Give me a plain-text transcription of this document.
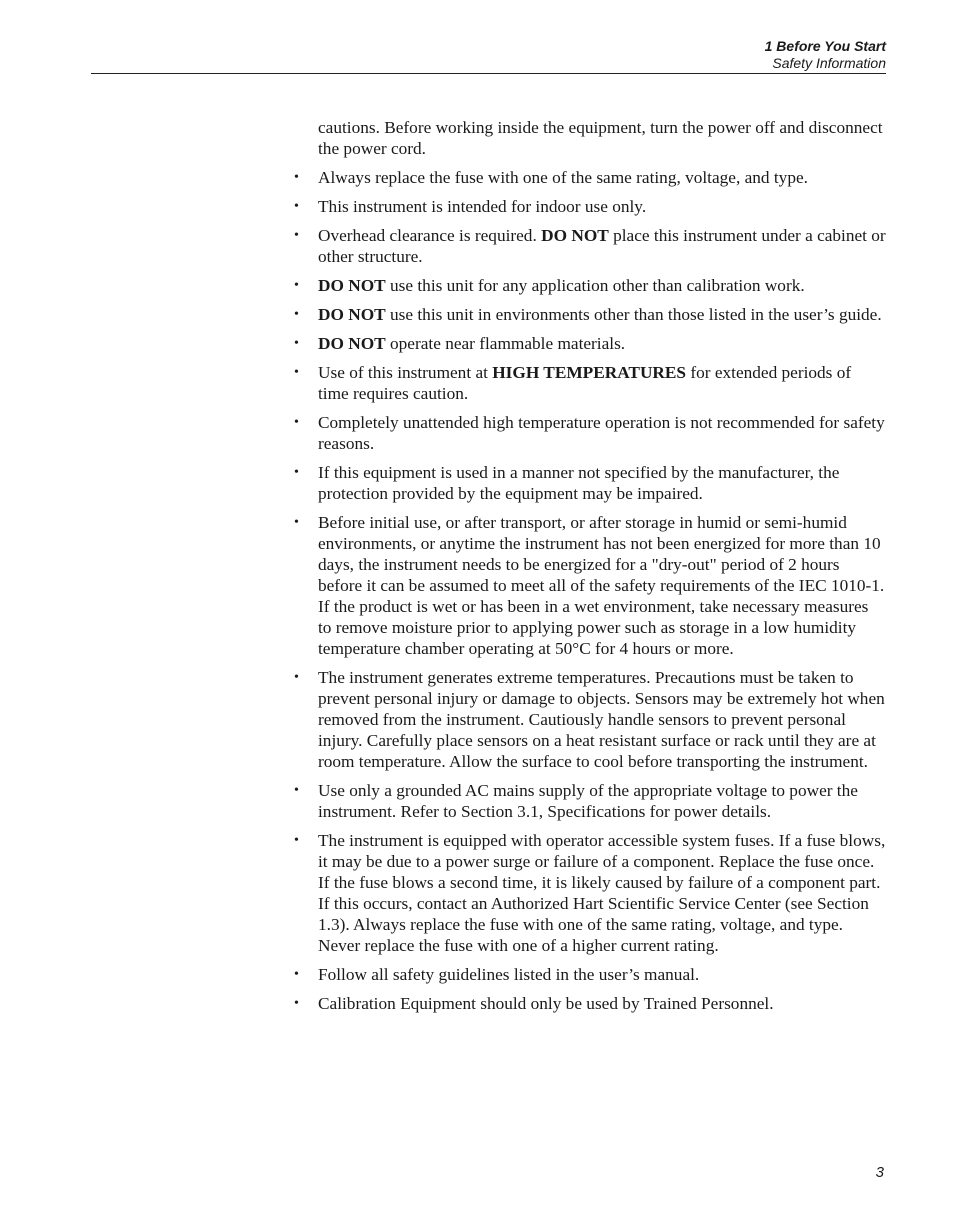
1 Before You Start
Safety Information

cautions. Before working inside the equipment, turn the power off and disconnect the power cord.

• Always replace the fuse with one of the same rating, voltage, and type.
• This instrument is intended for indoor use only.
• Overhead clearance is required. DO NOT place this instrument under a cabinet or other structure.
• DO NOT use this unit for any application other than calibration work.
• DO NOT use this unit in environments other than those listed in the user’s guide.
• DO NOT operate near flammable materials.
• Use of this instrument at HIGH TEMPERATURES for extended periods of time requires caution.
• Completely unattended high temperature operation is not recommended for safety reasons.
• If this equipment is used in a manner not specified by the manufacturer, the protection provided by the equipment may be impaired.
• Before initial use, or after transport, or after storage in humid or semi-humid environments, or anytime the instrument has not been energized for more than 10 days, the instrument needs to be energized for a "dry-out" period of 2 hours before it can be assumed to meet all of the safety requirements of the IEC 1010-1. If the product is wet or has been in a wet environment, take necessary measures to remove moisture prior to applying power such as storage in a low humidity temperature chamber operating at 50°C for 4 hours or more.
• The instrument generates extreme temperatures. Precautions must be taken to prevent personal injury or damage to objects. Sensors may be extremely hot when removed from the instrument. Cautiously handle sensors to prevent personal injury. Carefully place sensors on a heat resistant surface or rack until they are at room temperature. Allow the surface to cool before transporting the instrument.
• Use only a grounded AC mains supply of the appropriate voltage to power the instrument. Refer to Section 3.1, Specifications for power details.
• The instrument is equipped with operator accessible system fuses. If a fuse blows, it may be due to a power surge or failure of a component. Replace the fuse once. If the fuse blows a second time, it is likely caused by failure of a component part. If this occurs, contact an Authorized Hart Scientific Service Center (see Section 1.3). Always replace the fuse with one of the same rating, voltage, and type. Never replace the fuse with one of a higher current rating.
• Follow all safety guidelines listed in the user’s manual.
• Calibration Equipment should only be used by Trained Personnel.
3
